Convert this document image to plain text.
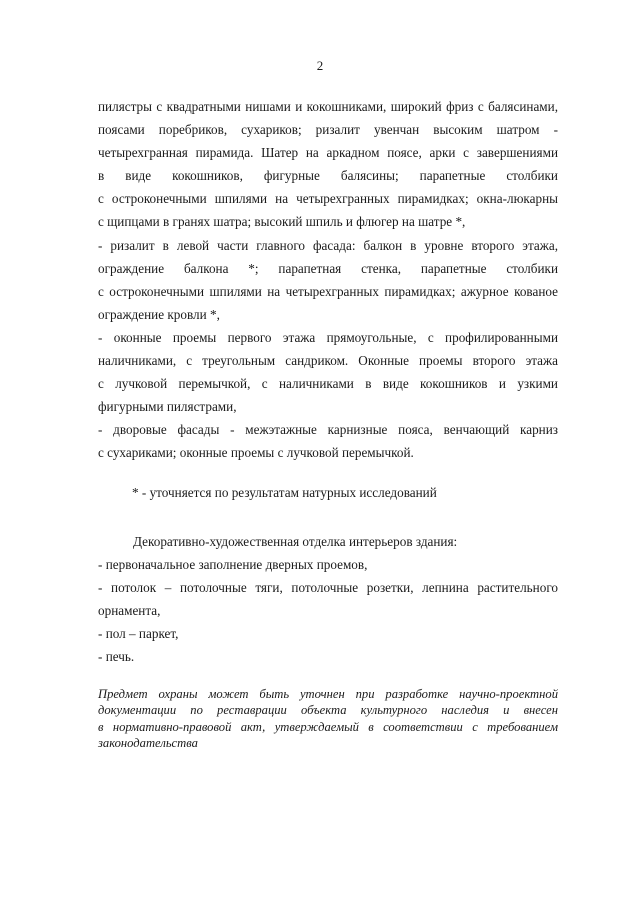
2
пилястры с квадратными нишами и кокошниками, широкий фриз с балясинами,
поясами поребриков, сухариков; ризалит увенчан высоким шатром -
четырехгранная пирамида. Шатер на аркадном поясе, арки с завершениями
в виде кокошников, фигурные балясины; парапетные столбики
с остроконечными шпилями на четырехгранных пирамидках; окна-люкарны

с щипцами в гранях шатра; высокий шпиль и флюгер на шатре *,

- ризалит в левой части главного фасада: балкон в уровне второго этажа,
ограждение балкона *; парапетная стенка, парапетные столбики
с остроконечными шпилями на четырехгранных пирамидках; ажурное кованое

ограждение кровли *,

- оконные проемы первого этажа прямоугольные, с профилированными
наличниками, с треугольным сандриком. Оконные проемы второго этажа
с лучковой перемычкой, с наличниками в виде кокошников и узкими

фигурными пилястрами,

- дворовые фасады - межэтажные карнизные пояса, венчающий карниз

с сухариками; оконные проемы с лучковой перемычкой.

* - уточняется по результатам натурных исследований

Декоративно-художественная отделка интерьеров здания:

- первоначальное заполнение дверных проемов,

- потолок – потолочные тяги, потолочные розетки, лепнина растительного

орнамента,

- пол – паркет,

- печь.

Предмет охраны может быть уточнен при разработке научно-проектной
документации по реставрации объекта культурного наследия и внесен
в нормативно-правовой акт, утверждаемый в соответствии с требованием
законодательства
